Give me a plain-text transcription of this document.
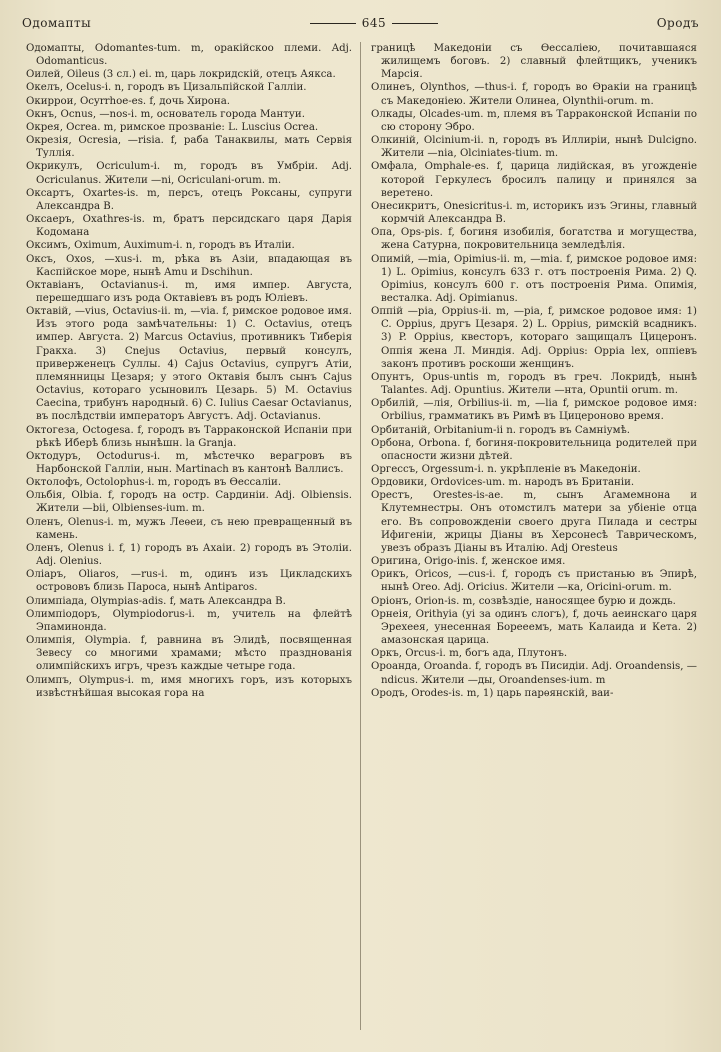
Одомапты	645	Ородъ

Одомапты, Odomantes-tum. m, оракійскоо племи. Adj. Odomanticus.

Оилей, Oileus (3 сл.) ei. m, царь локридскій, отецъ Аякса.

Окелъ, Ocelus-i. n, городъ въ Цизальпійской Галліи.

Окиррои, Ocyrrhoe-es. f, дочь Хирона.

Окнъ, Ocnus, —nos-i. m, основатель города Мантуи.

Окрея, Ocrea. m, римское прозваніе: L. Luscius Ocrea.

Окрезія, Ocresia, —risia. f, раба Танаквилы, мать Сервія Туллія.

Окрикулъ, Ocriculum-i. m, городъ въ Умбріи. Adj. Ocriculanus. Жители —ni, Ocriculani-orum. m.

Оксартъ, Oxartes-is. m, персъ, отецъ Роксаны, супруги Александра В.

Оксаеръ, Oxathres-is. m, братъ персидскаго царя Дарія Кодомана

Оксимъ, Oximum, Auximum-i. n, городъ въ Италіи.

Оксъ, Oxos, —xus-i. m, рѣка въ Азіи, впадающая въ Каспійское море, нынѣ Amu и Dschihun.

Октавіанъ, Octavianus-i. m, имя импер. Августа, перешедшаго изъ рода Октавіевъ въ родъ Юліевъ.

Октавій, —vius, Octavius-ii. m, —via. f, римское родовое имя. Изъ этого рода замѣчательны: 1) C. Octavius, отецъ импер. Августа. 2) Marcus Octavius, противникъ Тиберія Гракха. 3) Cnejus Octavius, первый консулъ, приверженецъ Суллы. 4) Cajus Octavius, супругъ Атіи, племянницы Цезаря; у этого Октавія былъ сынъ Cajus Octavius, котораго усыновилъ Цезарь. 5) M. Octavius Caecina, трибунъ народный. 6) C. Iulius Caesar Octavianus, въ послѣдствіи императоръ Августъ. Adj. Octavianus.

Октогеза, Octogesa. f, городъ въ Тарраконской Испаніи при рѣкѣ Иберѣ близь нынѣшн. la Granja.

Октодуръ, Octodurus-i. m, мѣстечко верагровъ въ Нарбонской Галліи, нын. Martinach въ кантонѣ Валлисъ.

Октолофъ, Octolophus-i. m, городъ въ Өессаліи.

Ольбія, Olbia. f, городъ на остр. Сардиніи. Adj. Olbiensis. Жители —bii, Olbienses-ium. m.

Оленъ, Olenus-i. m, мужъ Леѳеи, съ нею превращенный въ камень.

Оленъ, Olenus i. f, 1) городъ въ Ахаіи. 2) городъ въ Этоліи. Adj. Olenius.

Оліаръ, Oliaros, —rus-i. m, одинъ изъ Цикладскихъ острововъ близь Пароса, нынѣ Antiparos.

Олимпіада, Olympias-adis. f, мать Александра В.

Олимпіодоръ, Olympiodorus-i. m, учитель на флейтѣ Эпаминонда.

Олимпія, Olympia. f, равнина въ Элидѣ, посвященная Зевесу со многими храмами; мѣсто празднованія олимпійскихъ игръ, чрезъ каждые четыре года.

Олимпъ, Olympus-i. m, имя многихъ горъ, изъ которыхъ извѣстнѣйшая высокая гора на

границѣ Македоніи съ Өессаліею, почитавшаяся жилищемъ боговъ. 2) славный флейтщикъ, ученикъ Марсія.

Олинеъ, Olynthos, —thus-i. f, городъ во Өракіи на границѣ съ Македоніею. Жители Олинеа, Olynthii-orum. m.

Олкады, Olcades-um. m, племя въ Тарраконской Испаніи по сю сторону Эбро.

Олкиній, Olcinium-ii. n, городъ въ Иллиріи, нынѣ Dulcigno. Жители —nia, Olciniates-tium. m.

Омфала, Omphale-es. f, царица лидійская, въ угожденіе которой Геркулесъ бросилъ палицу и принялся за веретено.

Онесикритъ, Onesicritus-i. m, историкъ изъ Эгины, главный кормчій Александра В.

Опа, Ops-pis. f, богиня изобилія, богатства и могущества, жена Сатурна, покровительница земледѣлія.

Опимій, —mia, Opimius-ii. m, —mia. f, римское родовое имя: 1) L. Opimius, консулъ 633 г. отъ построенія Рима. 2) Q. Opimius, консулъ 600 г. отъ построенія Рима. Опимія, весталка. Adj. Opimianus.

Оппій —pia, Oppius-ii. m, —pia, f, римское родовое имя: 1) C. Oppius, другъ Цезаря. 2) L. Oppius, римскій всадникъ. 3) P. Oppius, квесторъ, котораго защищалъ Цицеронъ. Оппія жена Л. Миндія. Adj. Oppius: Oppia lex, оппіевъ законъ противъ роскоши женщинъ.

Опунтъ, Opus-untis m, городъ въ греч. Локридѣ, нынѣ Talantes. Adj. Opuntius. Жители —нта, Opuntii orum. m.

Орбилій, —лія, Orbilius-ii. m, —lia f, римское родовое имя: Orbilius, грамматикъ въ Римѣ въ Цицероново время.

Орбитаній, Orbitanium-ii n. городъ въ Самніумѣ.

Орбона, Orbona. f, богиня-покровительница родителей при опасности жизни дѣтей.

Оргессъ, Orgessum-i. n. укрѣпленіе въ Македоніи.

Ордовики, Ordovices-um. m. народъ въ Британіи.

Орестъ, Orestes-is-ae. m, сынъ Агамемнона и Клутемнестры. Онъ отомстилъ матери за убіеніе отца его. Въ сопровожденіи своего друга Пилада и сестры Ифигеніи, жрицы Діаны въ Херсонесѣ Таврическомъ, увезъ образъ Діаны въ Италію. Adj Oresteus

Оригина, Origo-inis. f, женское имя.

Орикъ, Oricos, —cus-i. f, городъ съ пристанью въ Эпирѣ, нынѣ Oreo. Adj. Oricius. Жители —ка, Oricini-orum. m.

Оріонъ, Orion-is. m, созвѣздіе, наносящее бурю и дождь.

Орнеія, Orithyia (уі за одинъ слогъ), f, дочь аеинскаго царя Эрехеея, унесенная Борееемъ, мать Калаида и Кета. 2) амазонская царица.

Оркъ, Orcus-i. m, богъ ада, Плутонъ.

Ороанда, Oroanda. f, городъ въ Писидіи. Adj. Oroandensis, —ndicus. Жители —ды, Oroandenses-ium. m

Ородъ, Orodes-is. m, 1) царь парѳянскій, ваи-
